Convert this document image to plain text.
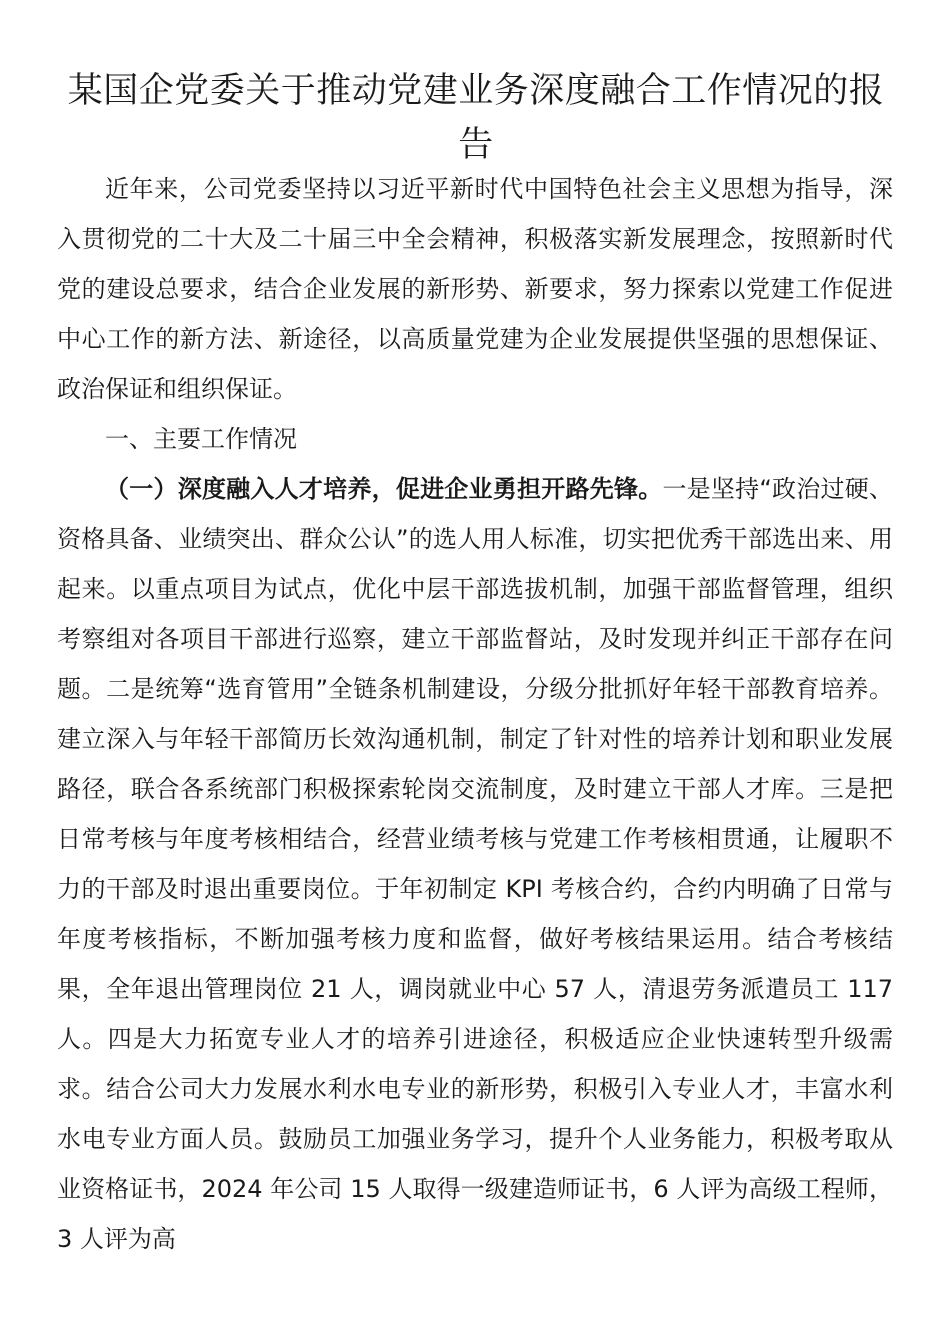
某国企党委关于推动党建业务深度融合工作情况的报告

近年来，公司党委坚持以习近平新时代中国特色社会主义思想为指导，深入贯彻党的二十大及二十届三中全会精神，积极落实新发展理念，按照新时代党的建设总要求，结合企业发展的新形势、新要求，努力探索以党建工作促进中心工作的新方法、新途径，以高质量党建为企业发展提供坚强的思想保证、政治保证和组织保证。

一、主要工作情况

（一）深度融入人才培养，促进企业勇担开路先锋。一是坚持“政治过硬、资格具备、业绩突出、群众公认”的选人用人标准，切实把优秀干部选出来、用起来。以重点项目为试点，优化中层干部选拔机制，加强干部监督管理，组织考察组对各项目干部进行巡察，建立干部监督站，及时发现并纠正干部存在问题。二是统筹“选育管用”全链条机制建设，分级分批抓好年轻干部教育培养。建立深入与年轻干部简历长效沟通机制，制定了针对性的培养计划和职业发展路径，联合各系统部门积极探索轮岗交流制度，及时建立干部人才库。三是把日常考核与年度考核相结合，经营业绩考核与党建工作考核相贯通，让履职不力的干部及时退出重要岗位。于年初制定 KPI 考核合约，合约内明确了日常与年度考核指标，不断加强考核力度和监督，做好考核结果运用。结合考核结果，全年退出管理岗位 21 人，调岗就业中心 57 人，清退劳务派遣员工 117 人。四是大力拓宽专业人才的培养引进途径，积极适应企业快速转型升级需求。结合公司大力发展水利水电专业的新形势，积极引入专业人才，丰富水利水电专业方面人员。鼓励员工加强业务学习，提升个人业务能力，积极考取从业资格证书，2024 年公司 15 人取得一级建造师证书，6 人评为高级工程师，3 人评为高
